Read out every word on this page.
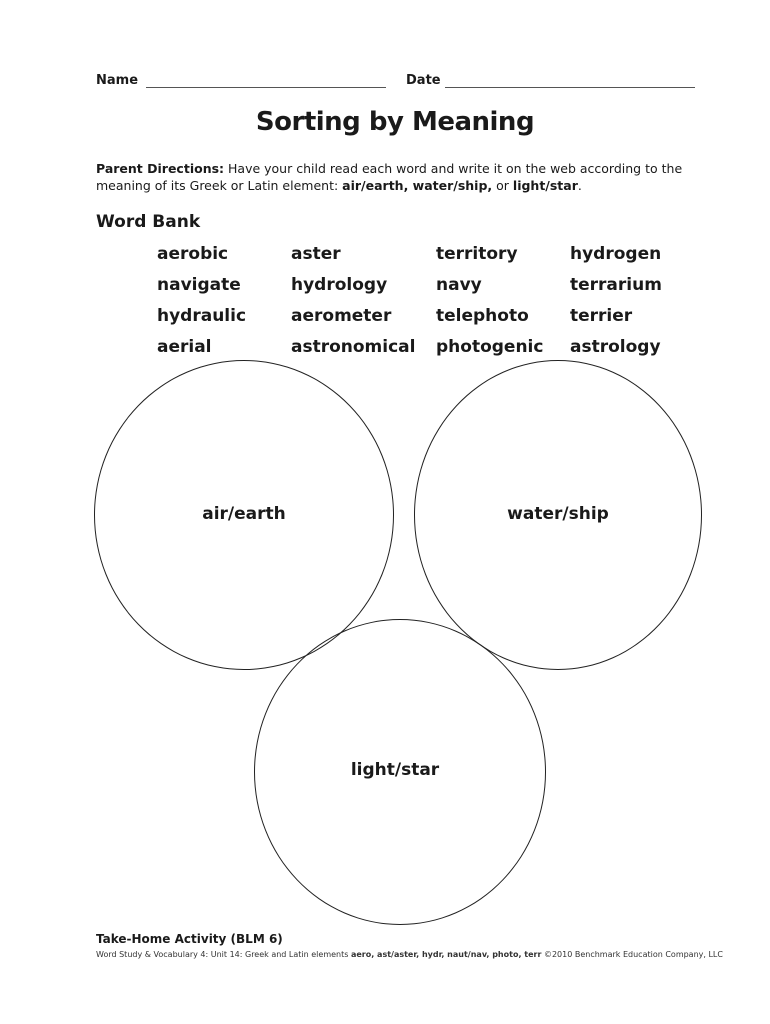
Name	Date
Sorting by Meaning
Parent Directions: Have your child read each word and write it on the web according to the meaning of its Greek or Latin element: air/earth, water/ship, or light/star.
Word Bank
aerobic
navigate
hydraulic
aerial
aster
hydrology
aerometer
astronomical
territory
navy
telephoto
photogenic
hydrogen
terrarium
terrier
astrology
air/earth	water/ship
light/star
Take-Home Activity (BLM 6)
Word Study & Vocabulary 4: Unit 14: Greek and Latin elements aero, ast/aster, hydr, naut/nav, photo, terr ©2010 Benchmark Education Company, LLC
